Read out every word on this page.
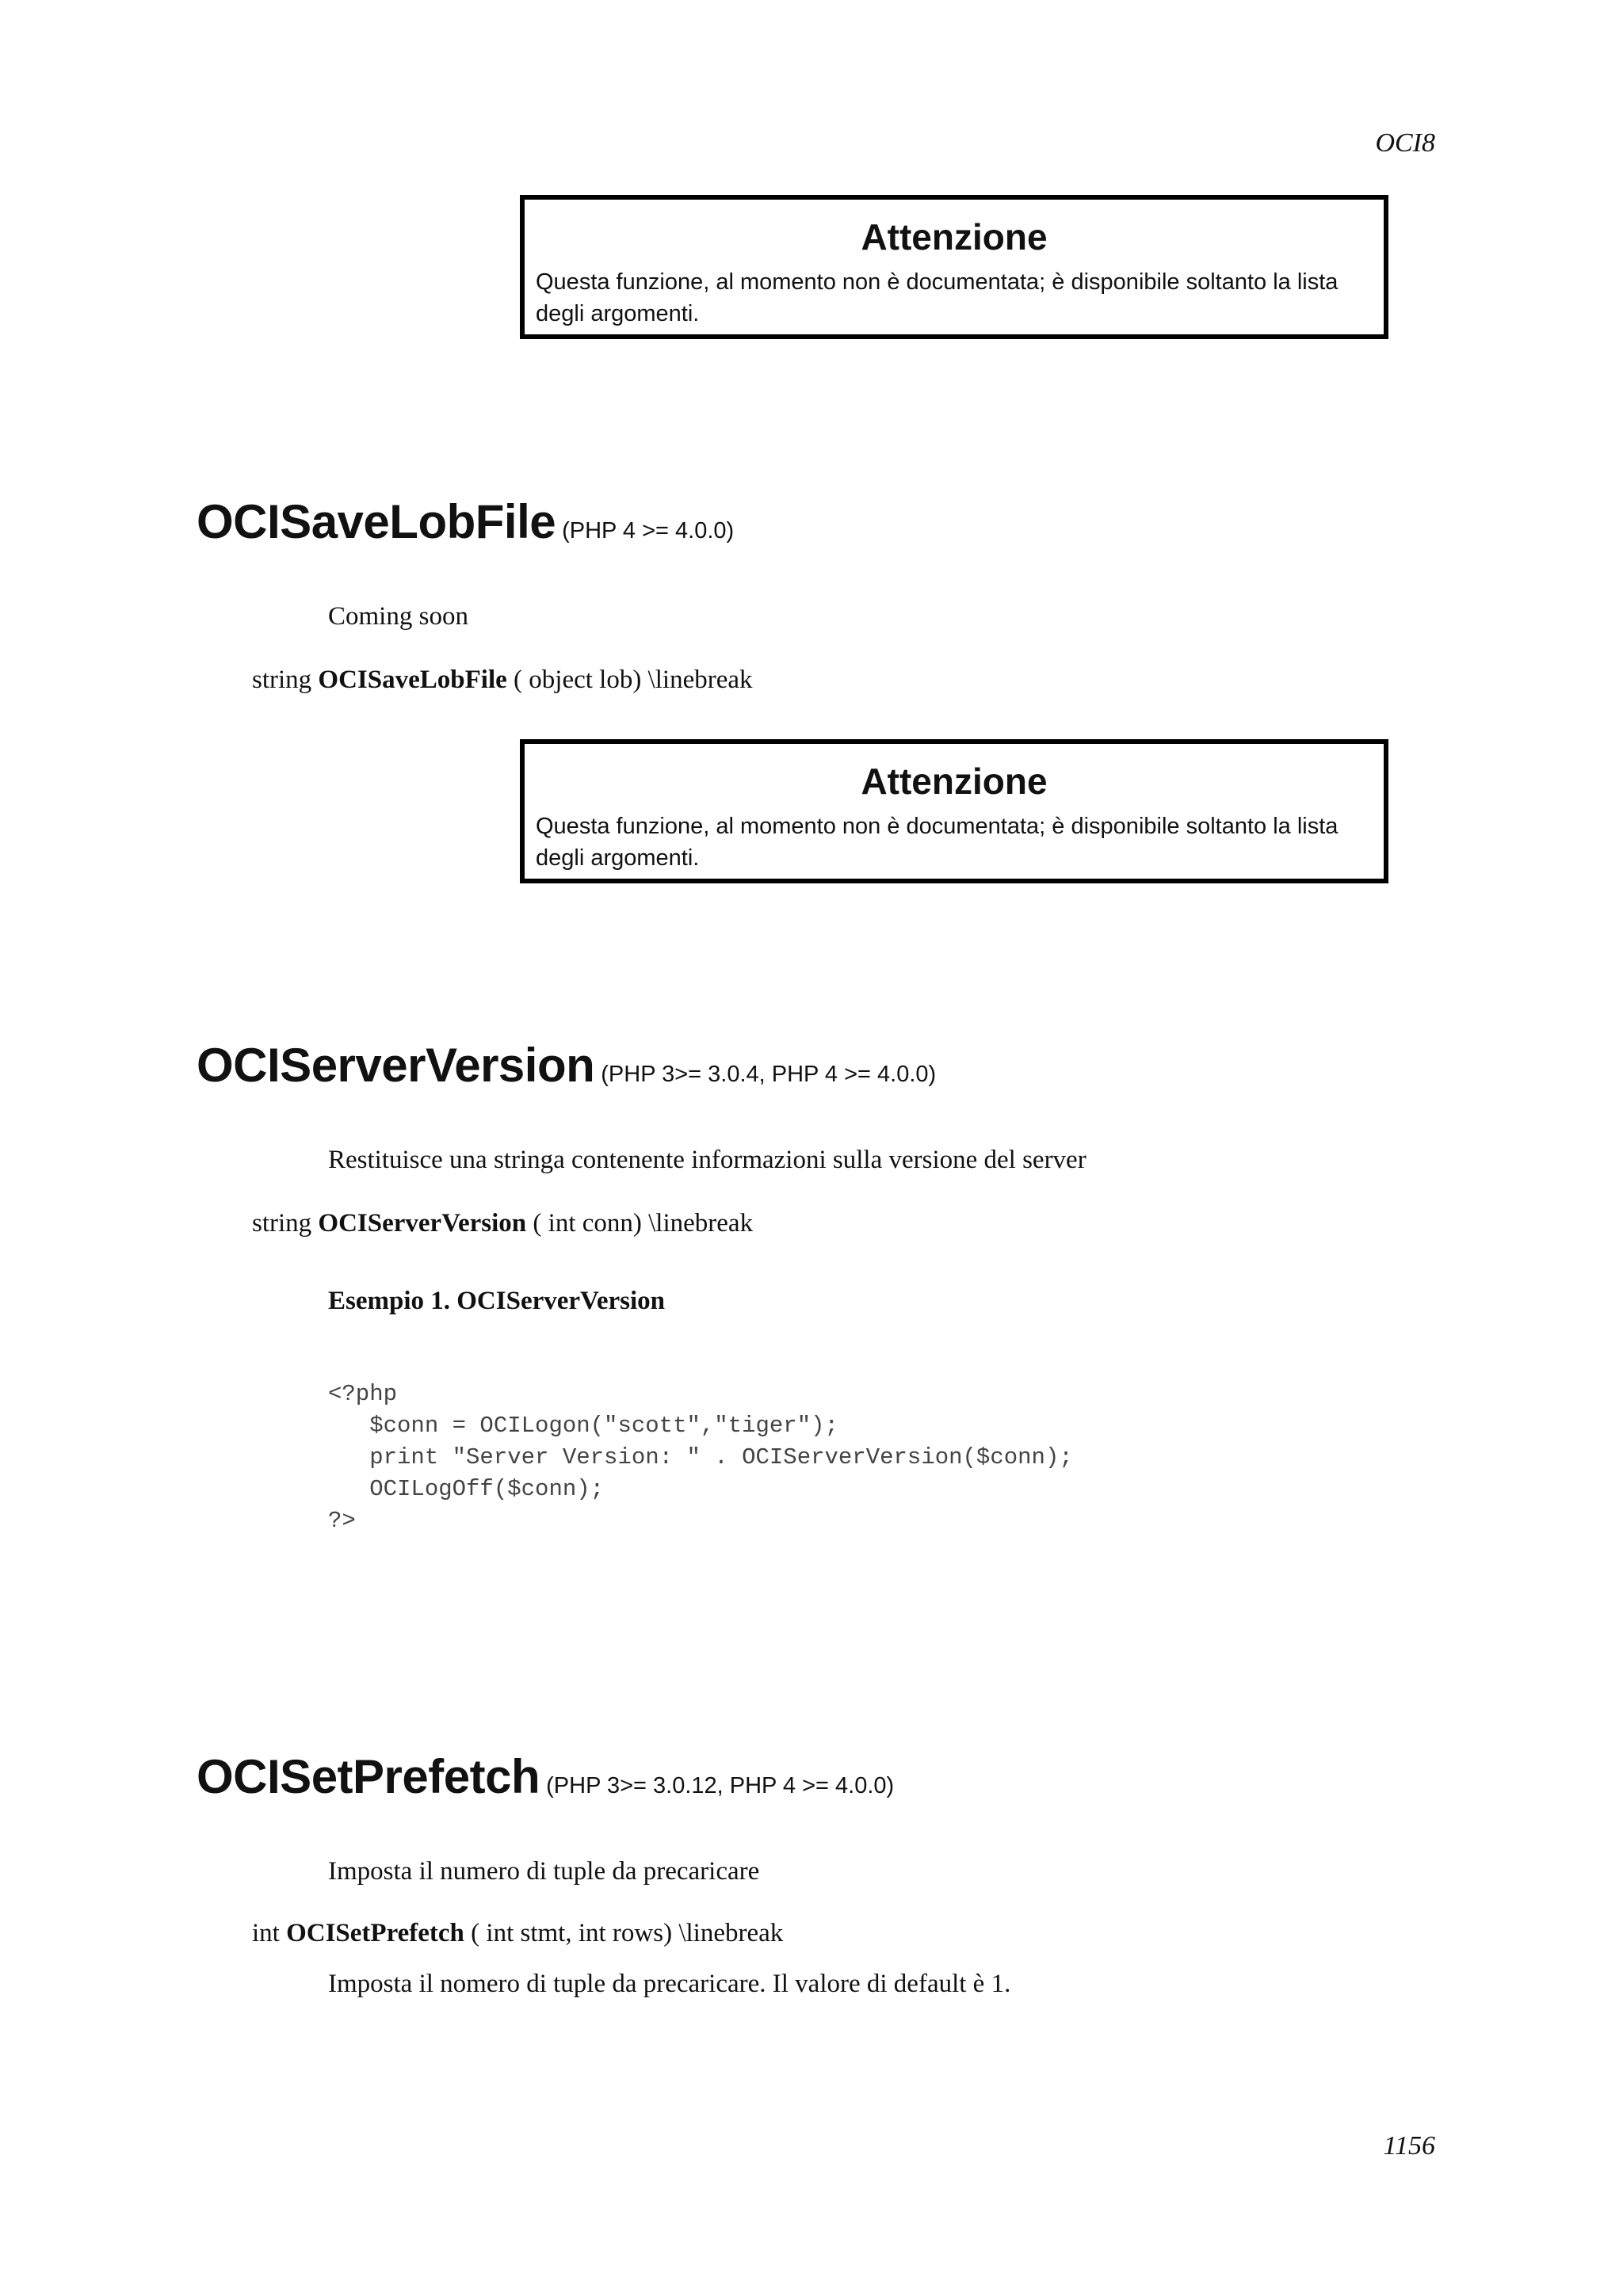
OCI8
Attenzione
Questa funzione, al momento non è documentata; è disponibile soltanto la lista degli argomenti.
OCISaveLobFile (PHP 4 >= 4.0.0)
Coming soon
string OCISaveLobFile ( object lob) \linebreak
Attenzione
Questa funzione, al momento non è documentata; è disponibile soltanto la lista degli argomenti.
OCIServerVersion (PHP 3>= 3.0.4, PHP 4 >= 4.0.0)
Restituisce una stringa contenente informazioni sulla versione del server
string OCIServerVersion ( int conn) \linebreak
Esempio 1. OCIServerVersion
<?php
$conn = OCILogon("scott","tiger");
print "Server Version: " . OCIServerVersion($conn);
OCILogOff($conn);
?>
OCISetPrefetch (PHP 3>= 3.0.12, PHP 4 >= 4.0.0)
Imposta il numero di tuple da precaricare
int OCISetPrefetch ( int stmt, int rows) \linebreak
Imposta il nomero di tuple da precaricare. Il valore di default è 1.
1156
